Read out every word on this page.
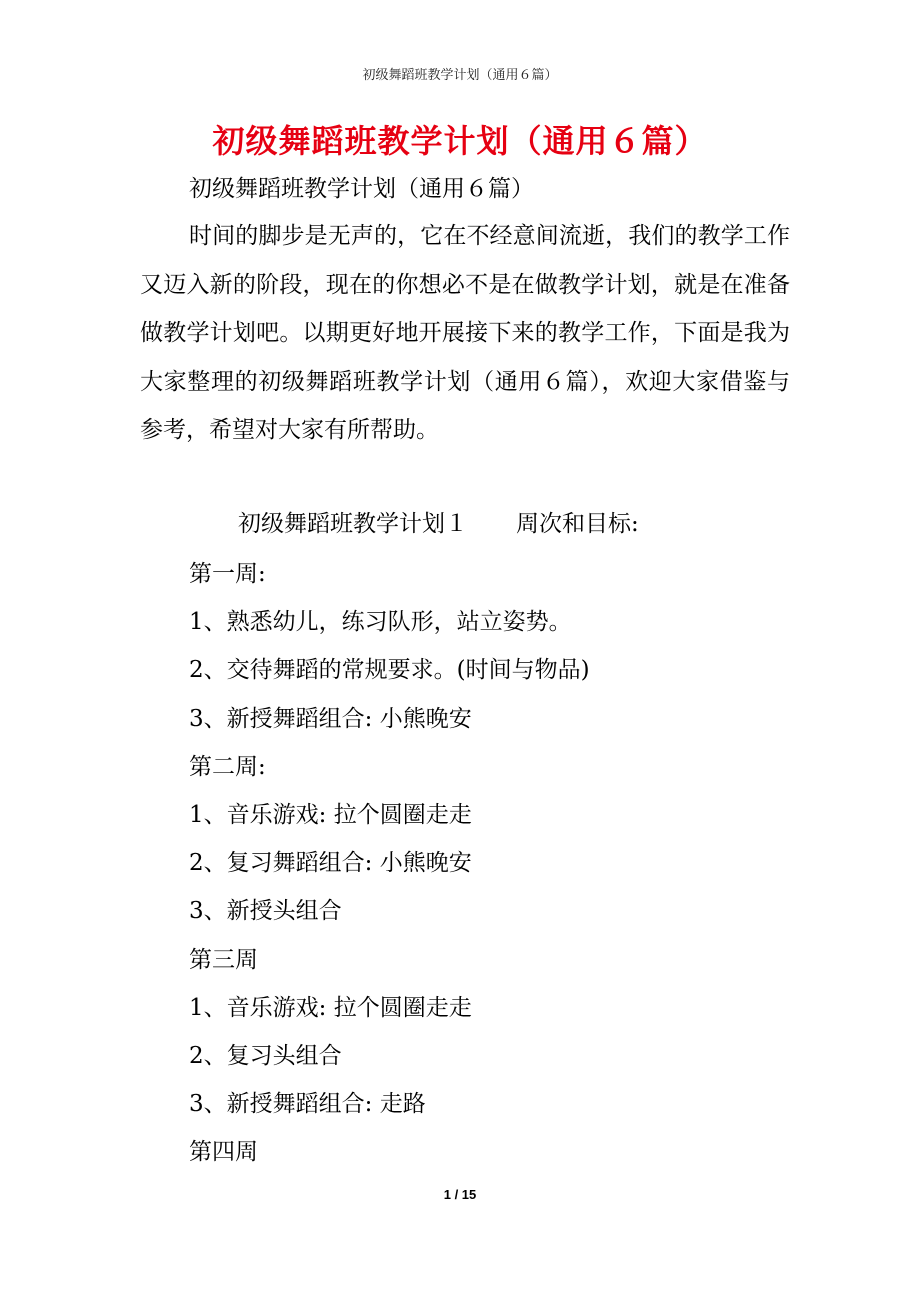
初级舞蹈班教学计划（通用６篇）
初级舞蹈班教学计划（通用６篇）
初级舞蹈班教学计划（通用６篇）

时间的脚步是无声的，它在不经意间流逝，我们的教学工作又迈入新的阶段，现在的你想必不是在做教学计划，就是在准备做教学计划吧。以期更好地开展接下来的教学工作，下面是我为大家整理的初级舞蹈班教学计划（通用６篇），欢迎大家借鉴与参考，希望对大家有所帮助。

初级舞蹈班教学计划１ 周次和目标:
第一周:
1、熟悉幼儿，练习队形，站立姿势。
2、交待舞蹈的常规要求。(时间与物品)
3、新授舞蹈组合: 小熊晚安
第二周:
1、音乐游戏: 拉个圆圈走走
2、复习舞蹈组合: 小熊晚安
3、新授头组合
第三周
1、音乐游戏: 拉个圆圈走走
2、复习头组合
3、新授舞蹈组合: 走路
第四周
1 / 15
